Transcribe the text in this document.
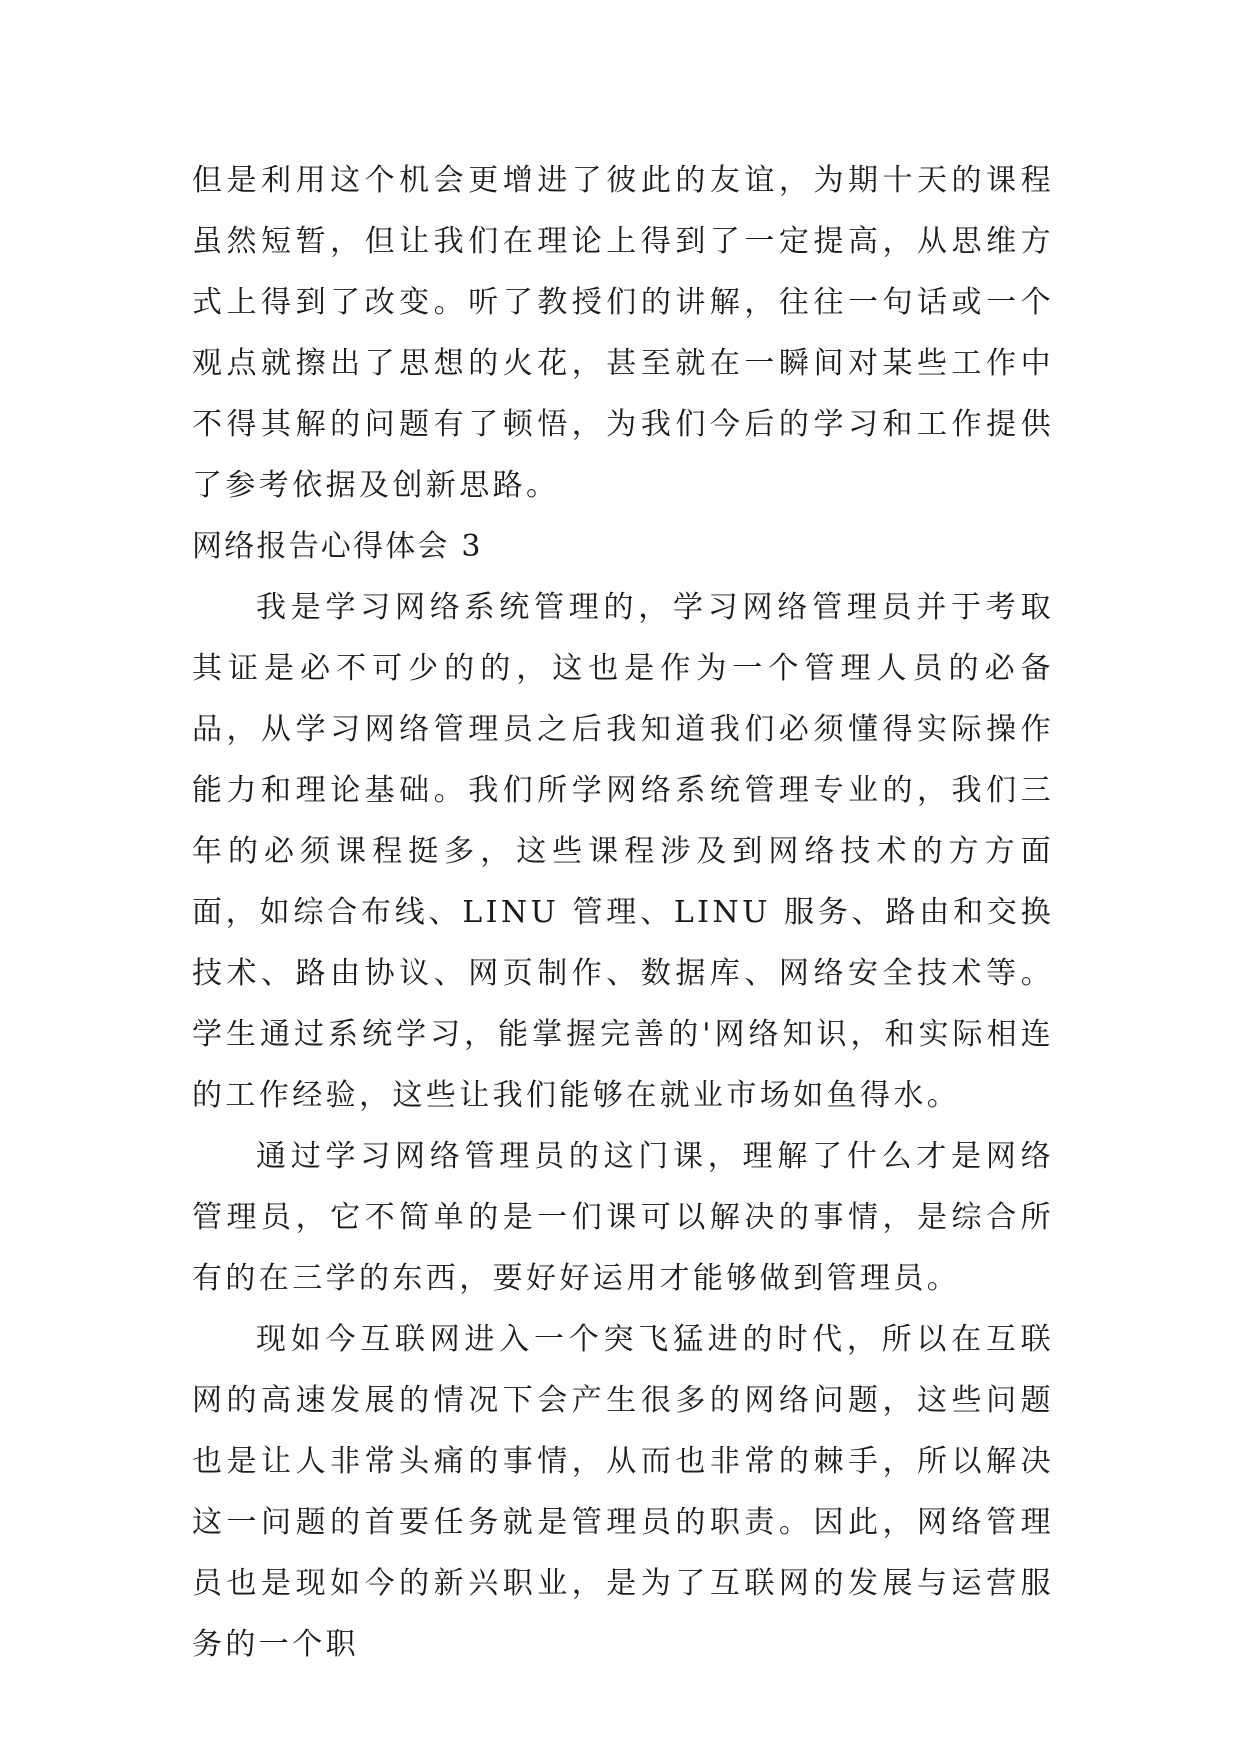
但是利用这个机会更增进了彼此的友谊，为期十天的课程虽然短暂，但让我们在理论上得到了一定提高，从思维方式上得到了改变。听了教授们的讲解，往往一句话或一个观点就擦出了思想的火花，甚至就在一瞬间对某些工作中不得其解的问题有了顿悟，为我们今后的学习和工作提供了参考依据及创新思路。

网络报告心得体会 3

我是学习网络系统管理的，学习网络管理员并于考取其证是必不可少的的，这也是作为一个管理人员的必备品，从学习网络管理员之后我知道我们必须懂得实际操作能力和理论基础。我们所学网络系统管理专业的，我们三年的必须课程挺多，这些课程涉及到网络技术的方方面面，如综合布线、LINU 管理、LINU 服务、路由和交换技术、路由协议、网页制作、数据库、网络安全技术等。学生通过系统学习，能掌握完善的'网络知识，和实际相连的工作经验，这些让我们能够在就业市场如鱼得水。

通过学习网络管理员的这门课，理解了什么才是网络管理员，它不简单的是一们课可以解决的事情，是综合所有的在三学的东西，要好好运用才能够做到管理员。

现如今互联网进入一个突飞猛进的时代，所以在互联网的高速发展的情况下会产生很多的网络问题，这些问题也是让人非常头痛的事情，从而也非常的棘手，所以解决这一问题的首要任务就是管理员的职责。因此，网络管理员也是现如今的新兴职业，是为了互联网的发展与运营服务的一个职
